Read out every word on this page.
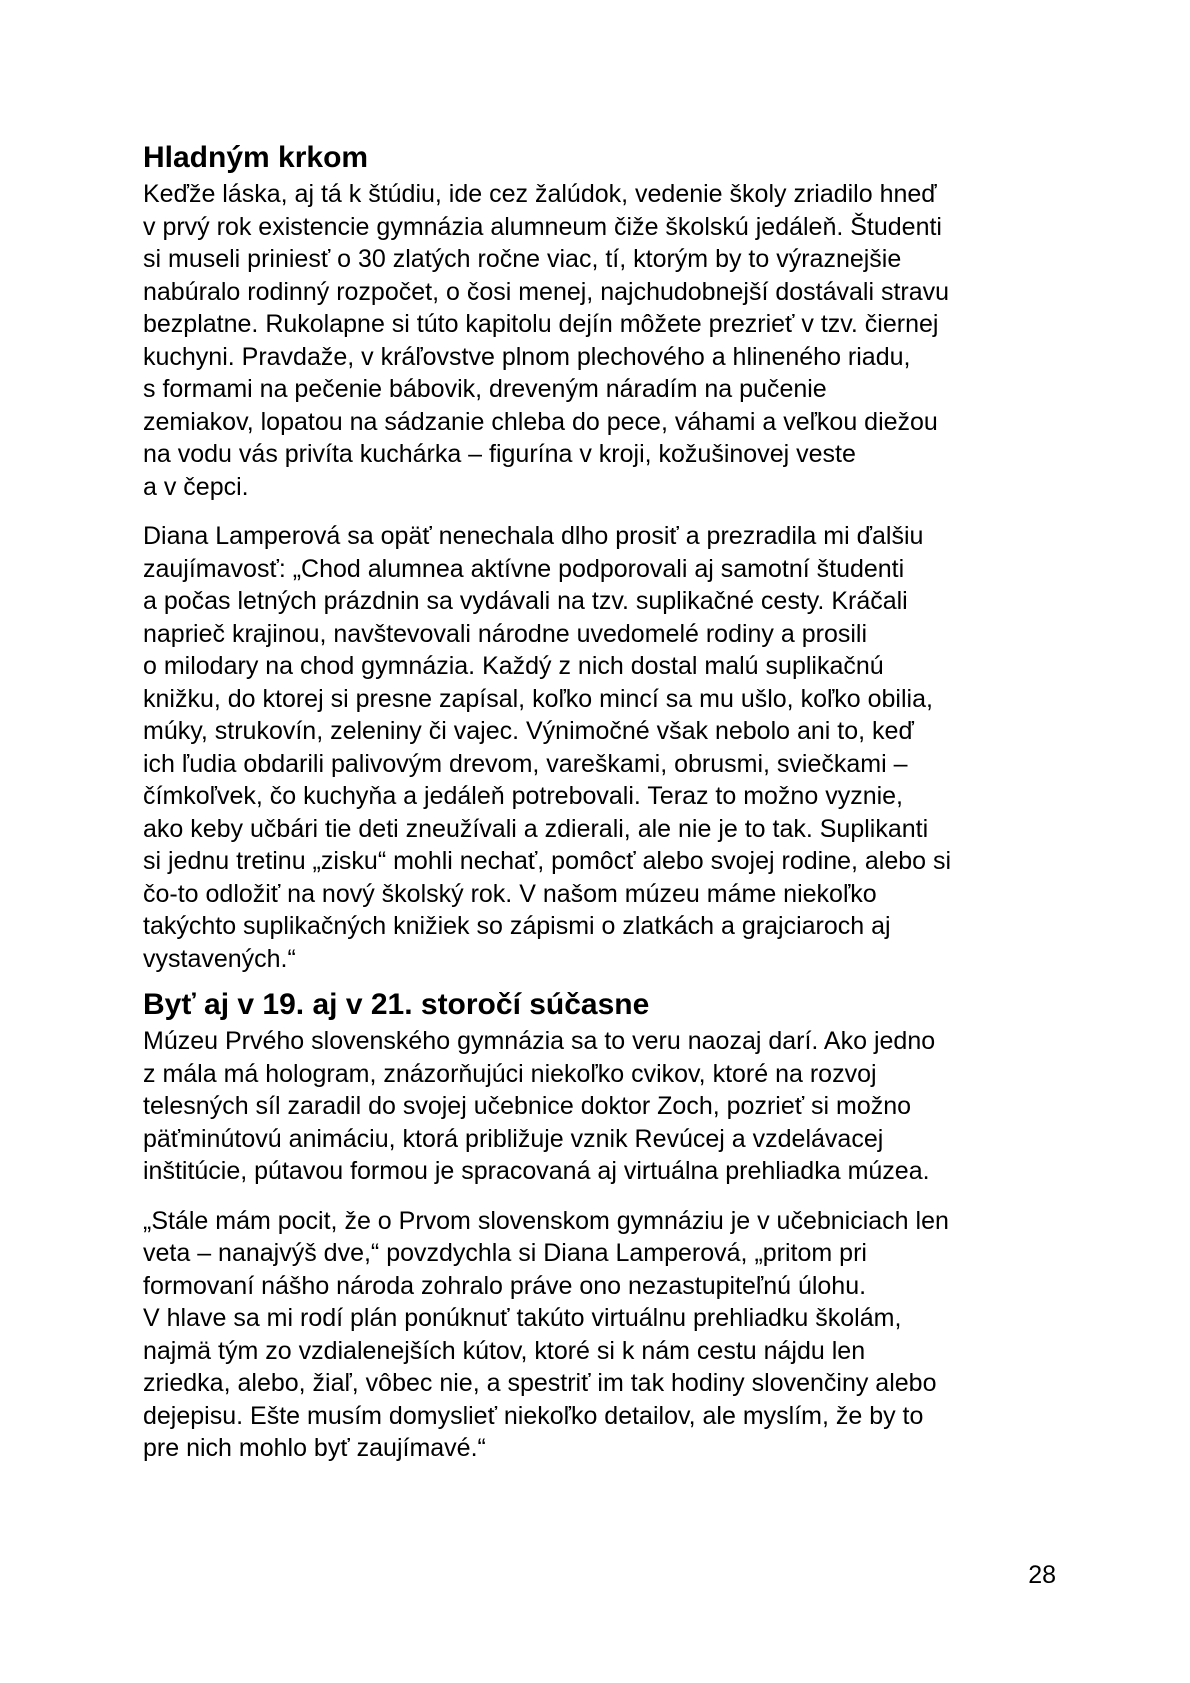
Hladným krkom

Keďže láska, aj tá k štúdiu, ide cez žalúdok, vedenie školy zriadilo hneď
v prvý rok existencie gymnázia alumneum čiže školskú jedáleň. Študenti
si museli priniesť o 30 zlatých ročne viac, tí, ktorým by to výraznejšie
nabúralo rodinný rozpočet, o čosi menej, najchudobnejší dostávali stravu
bezplatne. Rukolapne si túto kapitolu dejín môžete prezrieť v tzv. čiernej
kuchyni. Pravdaže, v kráľovstve plnom plechového a hlineného riadu,
s formami na pečenie bábovik, dreveným náradím na pučenie
zemiakov, lopatou na sádzanie chleba do pece, váhami a veľkou diežou
na vodu vás privíta kuchárka – figurína v kroji, kožušinovej veste
a v čepci.

Diana Lamperová sa opäť nenechala dlho prosiť a prezradila mi ďalšiu
zaujímavosť: „Chod alumnea aktívne podporovali aj samotní študenti
a počas letných prázdnin sa vydávali na tzv. suplikačné cesty. Kráčali
naprieč krajinou, navštevovali národne uvedomelé rodiny a prosili
o milodary na chod gymnázia. Každý z nich dostal malú suplikačnú
knižku, do ktorej si presne zapísal, koľko mincí sa mu ušlo, koľko obilia,
múky, strukovín, zeleniny či vajec. Výnimočné však nebolo ani to, keď
ich ľudia obdarili palivovým drevom, vareškami, obrusmi, sviečkami –
čímkoľvek, čo kuchyňa a jedáleň potrebovali. Teraz to možno vyznie,
ako keby učbári tie deti zneužívali a zdierali, ale nie je to tak. Suplikanti
si jednu tretinu „zisku“ mohli nechať, pomôcť alebo svojej rodine, alebo si
čo-to odložiť na nový školský rok. V našom múzeu máme niekoľko
takýchto suplikačných knižiek so zápismi o zlatkách a grajciaroch aj
vystavených.“

Byť aj v 19. aj v 21. storočí súčasne

Múzeu Prvého slovenského gymnázia sa to veru naozaj darí. Ako jedno
z mála má hologram, znázorňujúci niekoľko cvikov, ktoré na rozvoj
telesných síl zaradil do svojej učebnice doktor Zoch, pozrieť si možno
päťminútovú animáciu, ktorá približuje vznik Revúcej a vzdelávacej
inštitúcie, pútavou formou je spracovaná aj virtuálna prehliadka múzea.

„Stále mám pocit, že o Prvom slovenskom gymnáziu je v učebniciach len
veta – nanajvýš dve,“ povzdychla si Diana Lamperová, „pritom pri
formovaní nášho národa zohralo práve ono nezastupiteľnú úlohu.
V hlave sa mi rodí plán ponúknuť takúto virtuálnu prehliadku školám,
najmä tým zo vzdialenejších kútov, ktoré si k nám cestu nájdu len
zriedka, alebo, žiaľ, vôbec nie, a spestriť im tak hodiny slovenčiny alebo
dejepisu. Ešte musím domyslieť niekoľko detailov, ale myslím, že by to
pre nich mohlo byť zaujímavé.“

28
